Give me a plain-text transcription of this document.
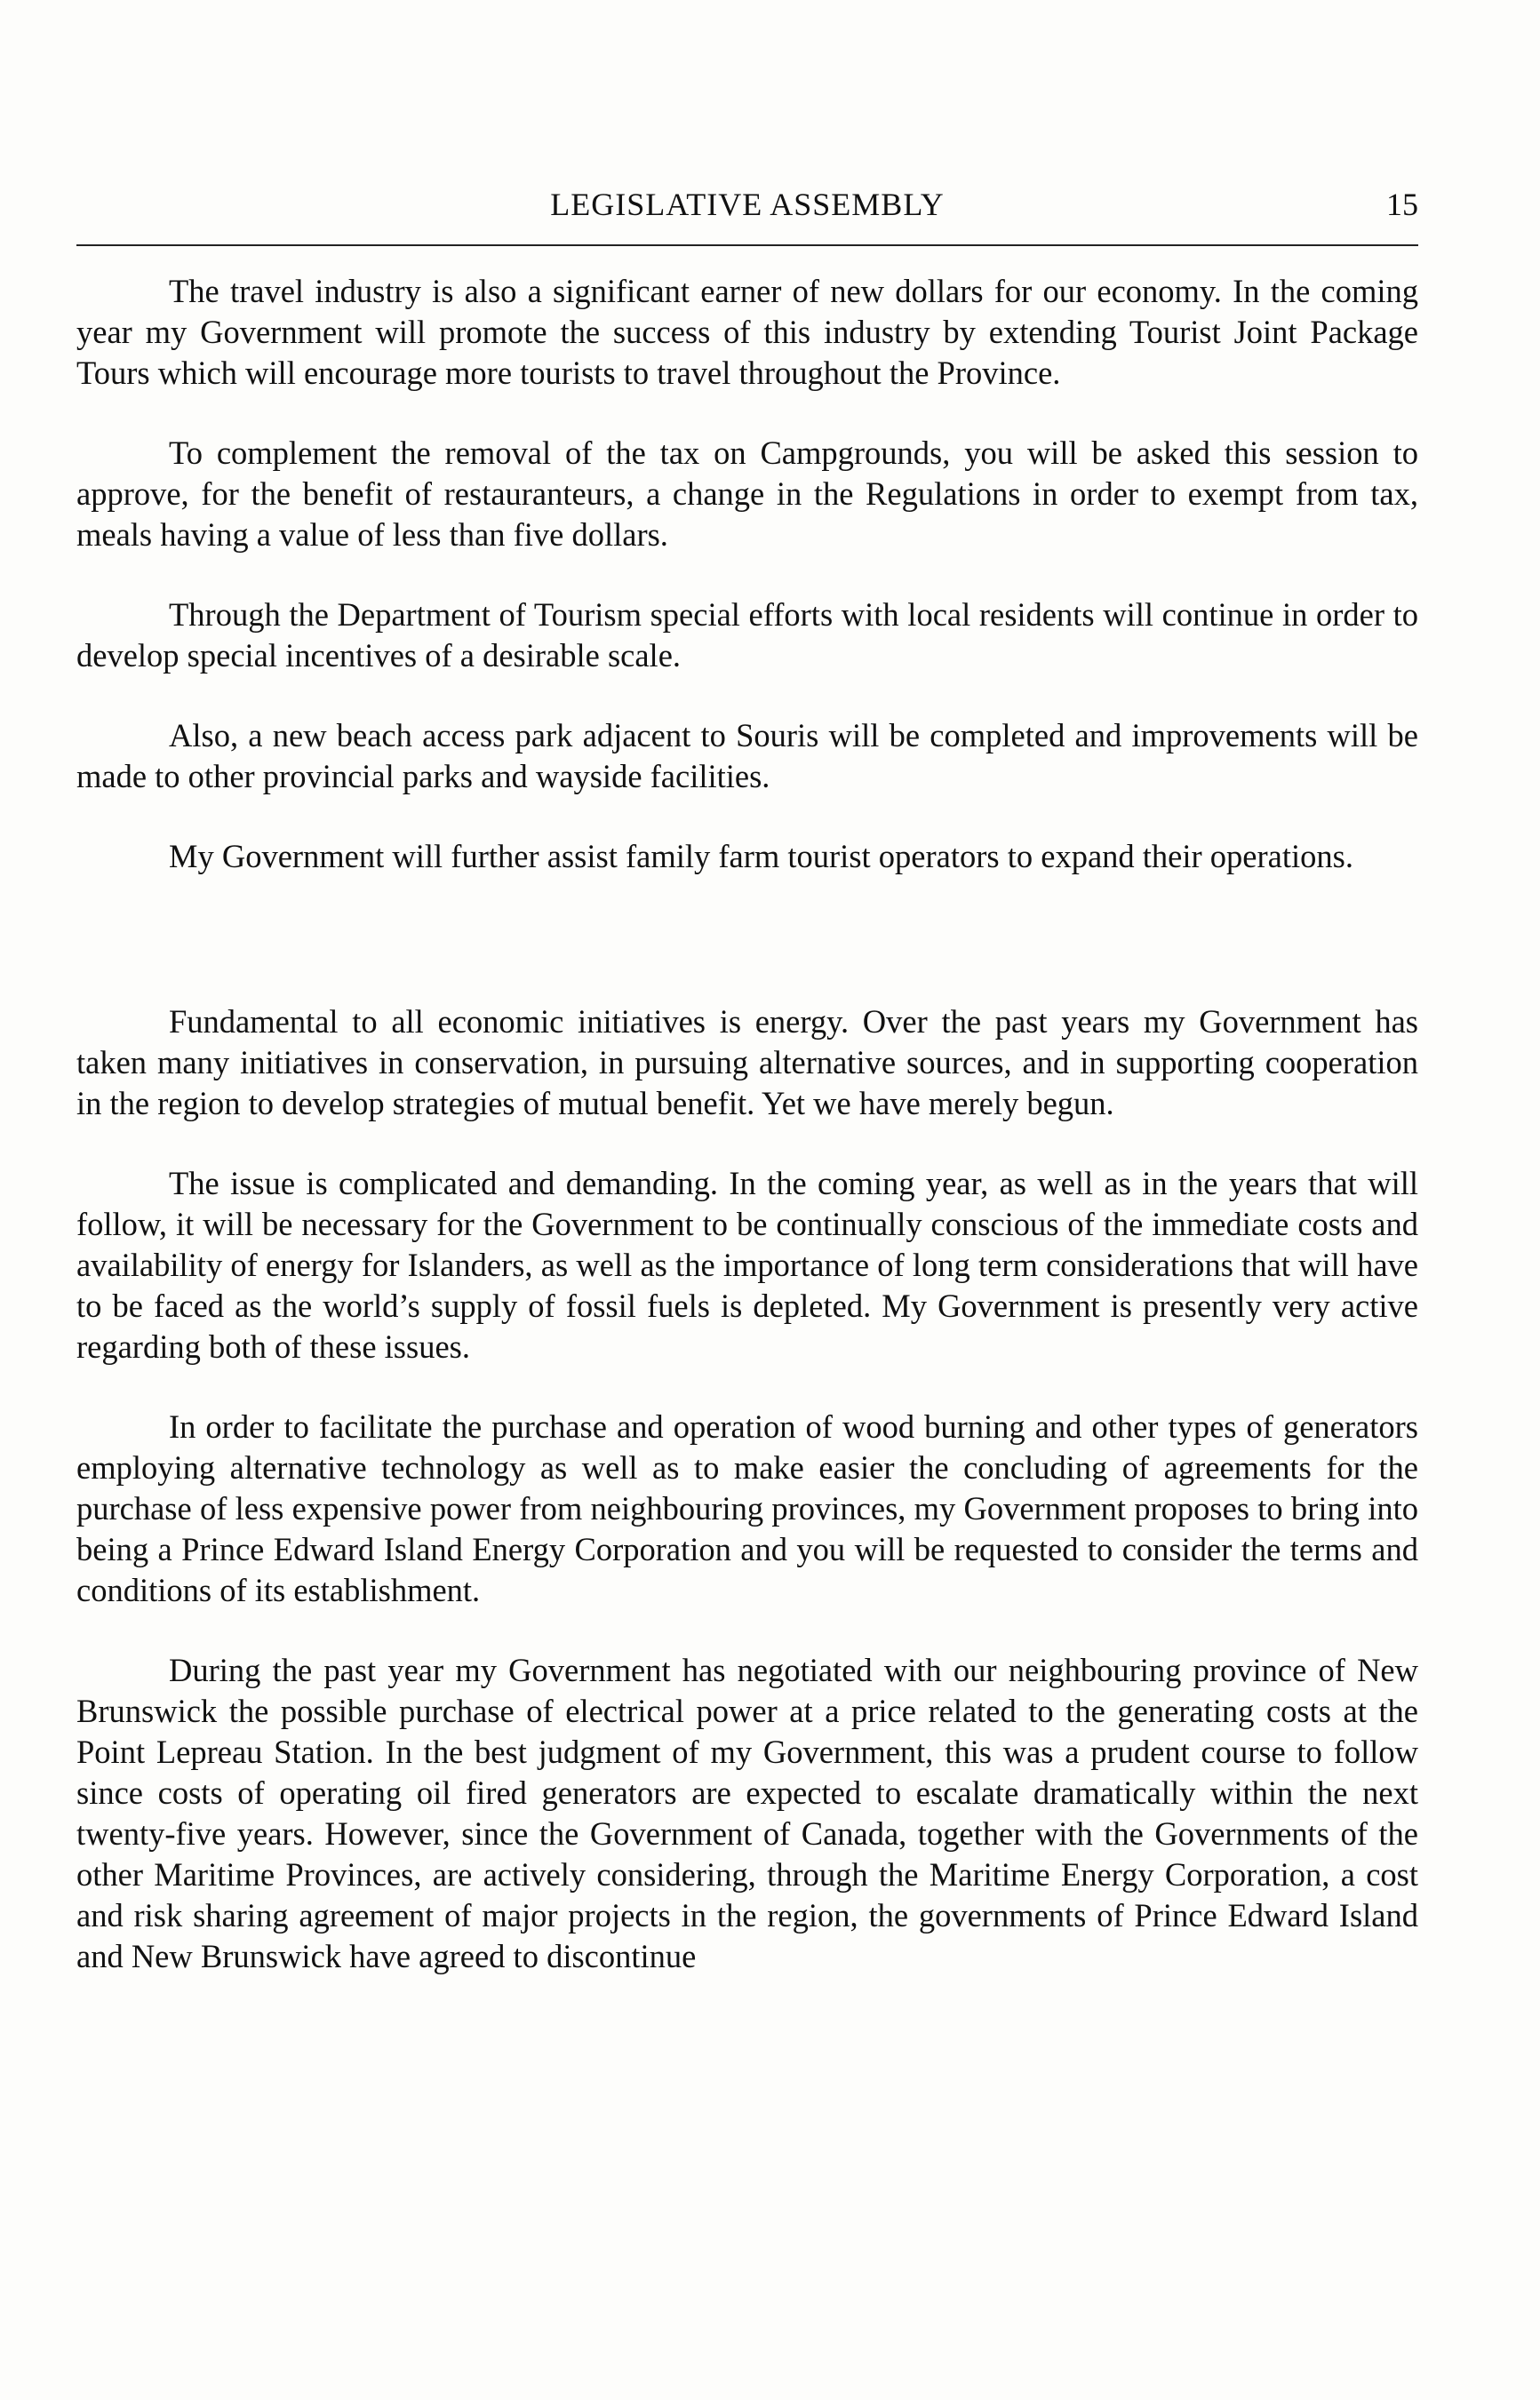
LEGISLATIVE ASSEMBLY	15

The travel industry is also a significant earner of new dollars for our economy. In the coming year my Government will promote the success of this industry by extending Tourist Joint Package Tours which will encourage more tourists to travel throughout the Province.

To complement the removal of the tax on Campgrounds, you will be asked this session to approve, for the benefit of restauranteurs, a change in the Regulations in order to exempt from tax, meals having a value of less than five dollars.

Through the Department of Tourism special efforts with local residents will continue in order to develop special incentives of a desirable scale.

Also, a new beach access park adjacent to Souris will be completed and improvements will be made to other provincial parks and wayside facilities.

My Government will further assist family farm tourist operators to expand their operations.

Fundamental to all economic initiatives is energy. Over the past years my Government has taken many initiatives in conservation, in pursuing alternative sources, and in supporting cooperation in the region to develop strategies of mutual benefit. Yet we have merely begun.

The issue is complicated and demanding. In the coming year, as well as in the years that will follow, it will be necessary for the Government to be continually conscious of the immediate costs and availability of energy for Islanders, as well as the importance of long term considerations that will have to be faced as the world’s supply of fossil fuels is depleted. My Government is presently very active regarding both of these issues.

In order to facilitate the purchase and operation of wood burning and other types of generators employing alternative technology as well as to make easier the concluding of agreements for the purchase of less expensive power from neighbouring provinces, my Government proposes to bring into being a Prince Edward Island Energy Corporation and you will be requested to consider the terms and conditions of its establishment.

During the past year my Government has negotiated with our neighbouring province of New Brunswick the possible purchase of electrical power at a price related to the generating costs at the Point Lepreau Station. In the best judgment of my Government, this was a prudent course to follow since costs of operating oil fired generators are expected to escalate dramatically within the next twenty-five years. However, since the Government of Canada, together with the Governments of the other Maritime Provinces, are actively considering, through the Maritime Energy Corporation, a cost and risk sharing agreement of major projects in the region, the governments of Prince Edward Island and New Brunswick have agreed to discontinue
